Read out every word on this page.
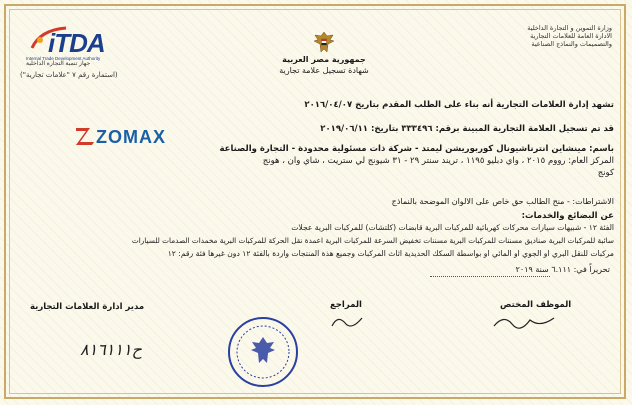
وزارة التموين و التجارة الداخلية
الادارة العامة للعلامات التجارية
والتصميمات والنماذج الصناعية
جمهورية مصر العربية
شهادة تسجيل علامة تجارية
iTDA
Internal Trade Development Authority
جهاز تنمية التجارة الداخلية
(استمارة رقم ٧ "علامات تجارية")
تشهد إدارة العلامات التجارية أنه بناء على الطلب المقدم بتاريخ ٢٠١٦/٠٤/٠٧
قد تم تسجيل العلامة التجارية المبينة برقم: ٣٣٣٤٩٦ بتاريخ: ٢٠١٩/٠٦/١١
باسم: مينشاين انترناشيونال كوربوريشن ليمتد - شركة ذات مسئولية محدودة - التجارة والصناعة
المركز العام: رووم ٢٠١٥ ، واي دبليو ١١٩٥ ، تريند سنتر ٢٩ - ٣١ شيونج لي ستريت ، شاي وان ، هونج
كونج
ZOMAX
الاشتراطات: - منح الطالب حق خاص على الالوان الموضحة بالنماذج
عن البضائع والخدمات:
الفئة ١٢ - شبيهات سيارات محركات كهربائية للمركبات البرية قابضات (كلتشات) للمركبات البرية عجلات
سائبة للمركبات البرية صناديق مسننات للمركبات البرية مسننات تخفيض السرعة للمركبات البرية اعمدة نقل الحركة للمركبات البرية مخمدات الصدمات للسيارات
مركبات للنقل البري او الجوي او المائي او بواسطة السكك الحديدية اثاث المركبات وجميع هذة المنتجات واردة بالفئة ١٢ دون غيرها فئة رقم: ١٢
تحريراً في: ٦.١١١ سنة ٢٠١٩
مدير ادارة العلامات التجارية	المراجع	الموظف المختص
ح٨١٦١١١
